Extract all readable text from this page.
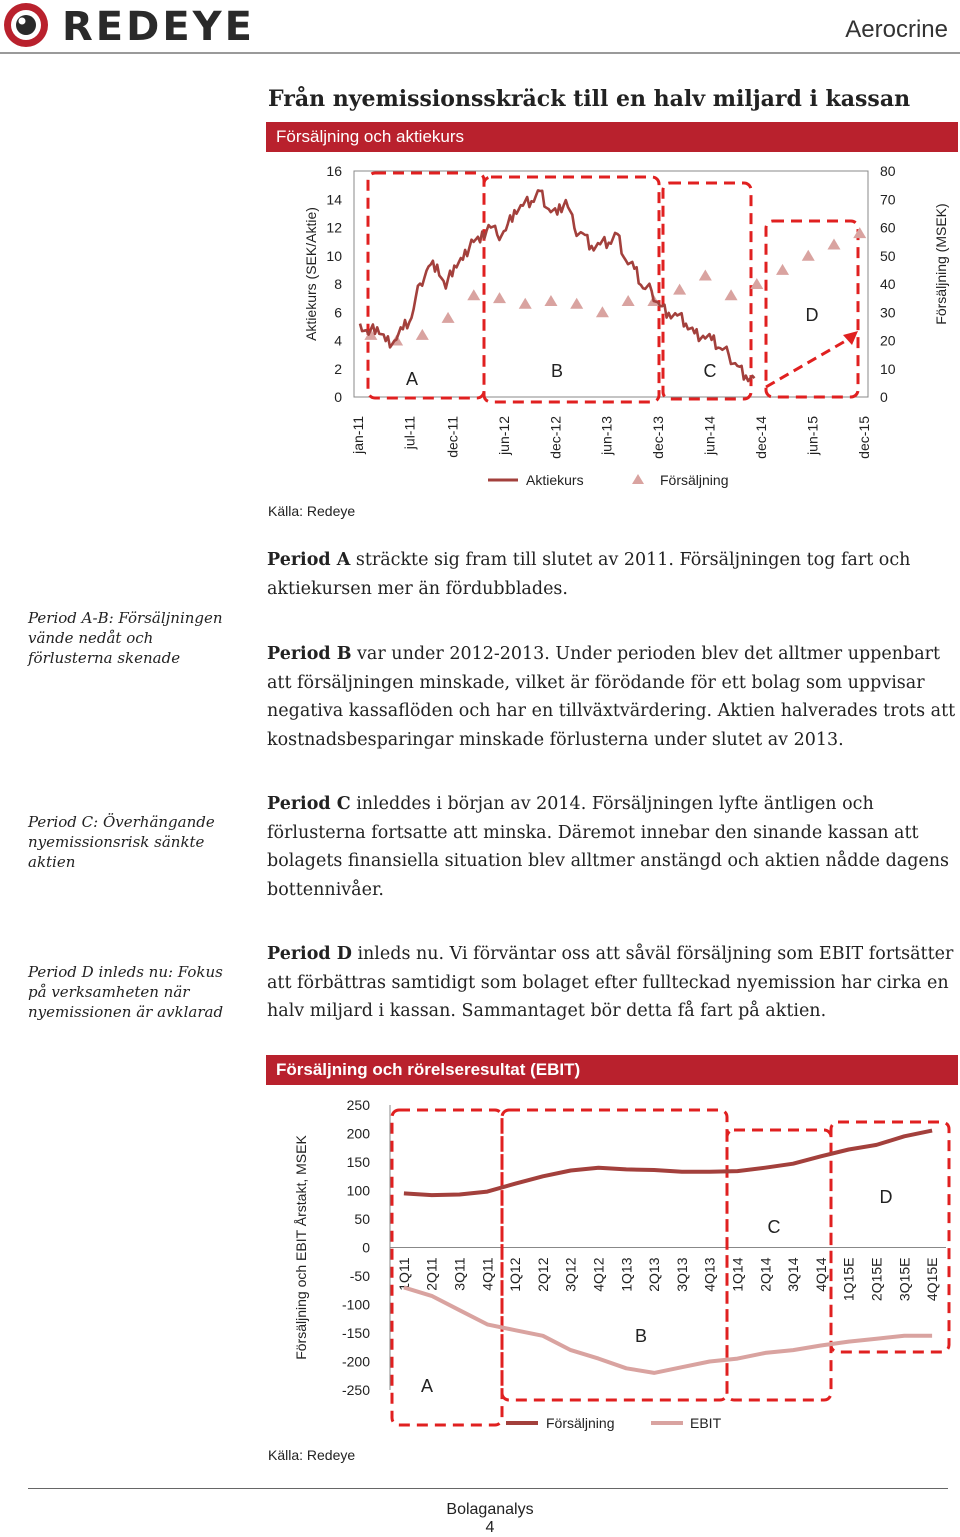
REDEYE	Aerocrine
Från nyemissionsskräck till en halv miljard i kassan
Försäljning och aktiekurs
0
2
4
6
8
10
12
14
16
0
10
20
30
40
50
60
70
80
jan-11	jul-11 dec-11	jun-12	dec-12	jun-13	dec-13	jun-14	dec-14	jun-15	dec-15
Aktiekurs (SEK/Aktie)	Försäljning (MSEK)
A	B	C
D
Aktiekurs	Försäljning
Källa: Redeye
Period A-B: Försäljningen vände nedåt och förlusterna skenade
Period C: Överhängande nyemissionsrisk sänkte aktien
Period D inleds nu: Fokus på verksamheten när nyemissionen är avklarad
Period A sträckte sig fram till slutet av 2011. Försäljningen tog fart och aktiekursen mer än fördubblades.
Period B var under 2012-2013. Under perioden blev det alltmer uppenbart att försäljningen minskade, vilket är förödande för ett bolag som uppvisar negativa kassaflöden och har en tillväxtvärdering. Aktien halverades trots att kostnadsbesparingar minskade förlusterna under slutet av 2013.
Period C inleddes i början av 2014. Försäljningen lyfte äntligen och förlusterna fortsatte att minska. Däremot innebar den sinande kassan att bolagets finansiella situation blev alltmer anstängd och aktien nådde dagens bottennivåer.
Period D inleds nu. Vi förväntar oss att såväl försäljning som EBIT fortsätter att förbättras samtidigt som bolaget efter fullteckad nyemission har cirka en halv miljard i kassan. Sammantaget bör detta få fart på aktien.
Försäljning och rörelseresultat (EBIT)
250
200
150
100
50
0
-50
-100
-150
-200
-250
1Q11 2Q11 3Q11 4Q11 1Q12 2Q12 3Q12 4Q12 1Q13 2Q13 3Q13 4Q13 1Q14 2Q14 3Q14 4Q14 1Q15E 2Q15E 3Q15E 4Q15E
Försäljning och EBIT Årstakt, MSEK
A
B
C
D
Försäljning	EBIT
Källa: Redeye
Bolaganalys
4
